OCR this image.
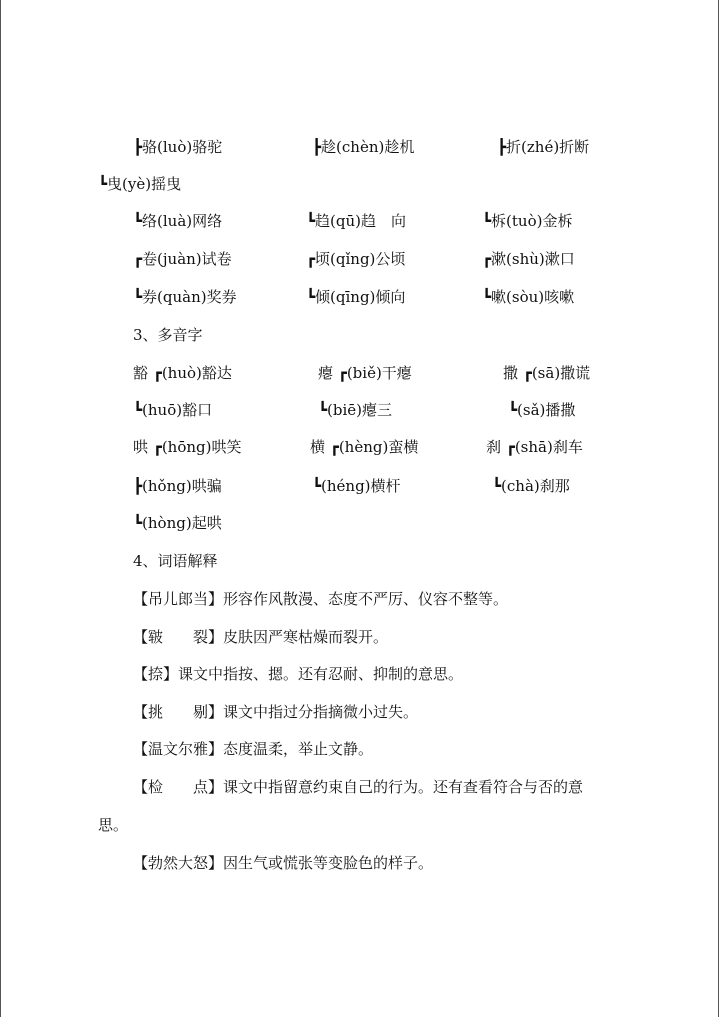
┣骆(luò)骆驼	┣趁(chèn)趁机	┣折(zhé)折断
┗曳(yè)摇曳
┗络(luà)网络	┗趋(qū)趋　向	┗柝(tuò)金柝
┏卷(juàn)试卷	┏顷(qǐng)公顷	┏漱(shù)漱口
┗券(quàn)奖券	┗倾(qīng)倾向	┗嗽(sòu)咳嗽
3、多音字
豁 ┏(huò)豁达	瘪 ┏(biě)干瘪	撒 ┏(sā)撒谎
┗(huō)豁口	┗(biē)瘪三	┗(sǎ)播撒
哄 ┏(hōng)哄笑	横 ┏(hèng)蛮横	刹 ┏(shā)刹车
┣(hǒng)哄骗	┗(héng)横杆	┗(chà)刹那
┗(hòng)起哄
4、词语解释
【吊儿郎当】形容作风散漫、态度不严厉、仪容不整等。
【皲　　裂】皮肤因严寒枯燥而裂开。
【捺】课文中指按、摁。还有忍耐、抑制的意思。
【挑　　剔】课文中指过分指摘微小过失。
【温文尔雅】态度温柔，举止文静。
【检　　点】课文中指留意约束自己的行为。还有查看符合与否的意
思。
【勃然大怒】因生气或慌张等变脸色的样子。
